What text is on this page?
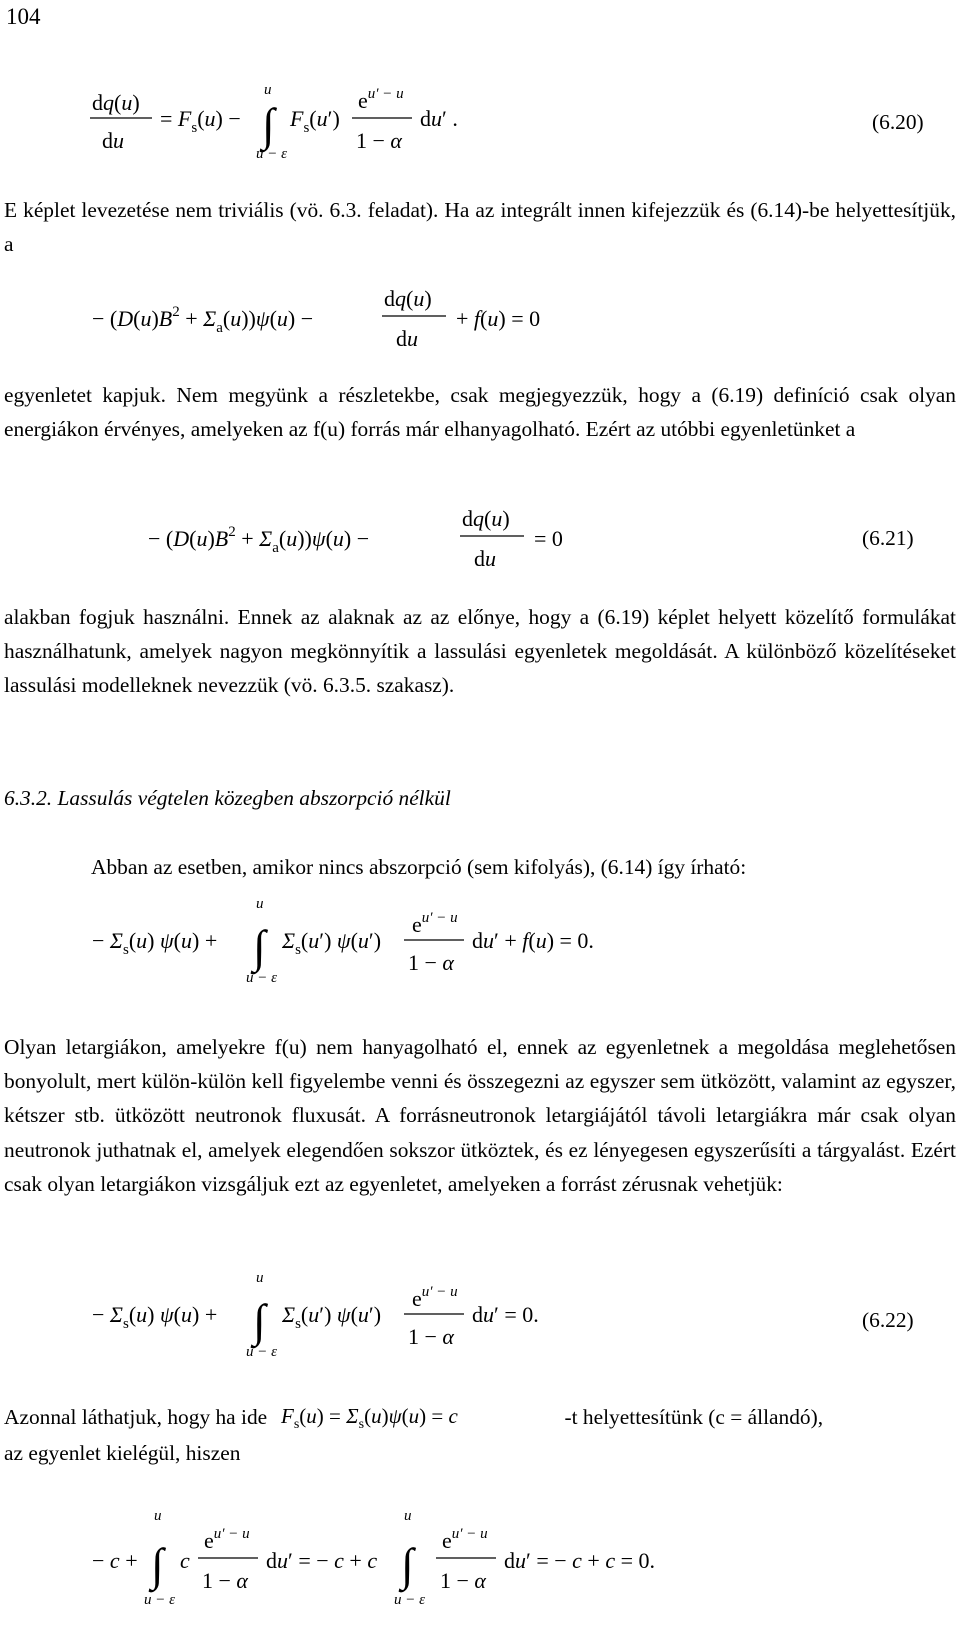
104
dq(u)
du
= $F_s(u)$ −
u
∫
u − ε
$F_s(u')$
$e^{u' - u}$
1 − α
du′ .	(6.20)

E képlet levezetése nem triviális (vö. 6.3. feladat). Ha az integrált innen kifejezzük és (6.14)-be helyettesítjük, a

− $(D(u)B^2 + \Sigma_a(u))\psi(u)$ −
dq(u)
du
+ f(u) = 0

egyenletet kapjuk. Nem megyünk a részletekbe, csak megjegyezzük, hogy a (6.19) definíció csak olyan energiákon érvényes, amelyeken az f(u) forrás már elhanyagolható. Ezért az utóbbi egyenletünket a

− $(D(u)B^2 + \Sigma_a(u))\psi(u)$ −
dq(u)
du
= 0	(6.21)

alakban fogjuk használni. Ennek az alaknak az az előnye, hogy a (6.19) képlet helyett közelítő formulákat használhatunk, amelyek nagyon megkönnyítik a lassulási egyenletek megoldását. A különböző közelítéseket lassulási modelleknek nevezzük (vö. 6.3.5. szakasz).

6.3.2. Lassulás végtelen közegben abszorpció nélkül

Abban az esetben, amikor nincs abszorpció (sem kifolyás), (6.14) így írható:

− $\Sigma_s(u) \psi(u)$ +
u
∫
u − ε
$\Sigma_s(u')$ ψ(u′)
$e^{u' - u}$
1 − α
du′ + f(u) = 0.

Olyan letargiákon, amelyekre f(u) nem hanyagolható el, ennek az egyenletnek a megoldása meglehetősen bonyolult, mert külön-külön kell figyelembe venni és összegezni az egyszer sem ütközött, valamint az egyszer, kétszer stb. ütközött neutronok fluxusát. A forrásneutronok letargiájától távoli letargiákra már csak olyan neutronok juthatnak el, amelyek elegendően sokszor ütköztek, és ez lényegesen egyszerűsíti a tárgyalást. Ezért csak olyan letargiákon vizsgáljuk ezt az egyenletet, amelyeken a forrást zérusnak vehetjük:

− $\Sigma_s(u) \psi(u)$ +
u
∫
u − ε
$\Sigma_s(u')$ ψ(u′)
$e^{u' - u}$
1 − α
du′ = 0.	(6.22)
Azonnal láthatjuk, hogy ha ide $F_s(u) = \Sigma_s(u)\psi(u) = c$	-t helyettesítünk (c = állandó),

az egyenlet kielégül, hiszen

− c +
u
∫
u − ε
c
$e^{u' - u}$
1 − α
du′ = − c + c
u
∫
u − ε
$e^{u' - u}$
1 − α
du′ = − c + c = 0.
